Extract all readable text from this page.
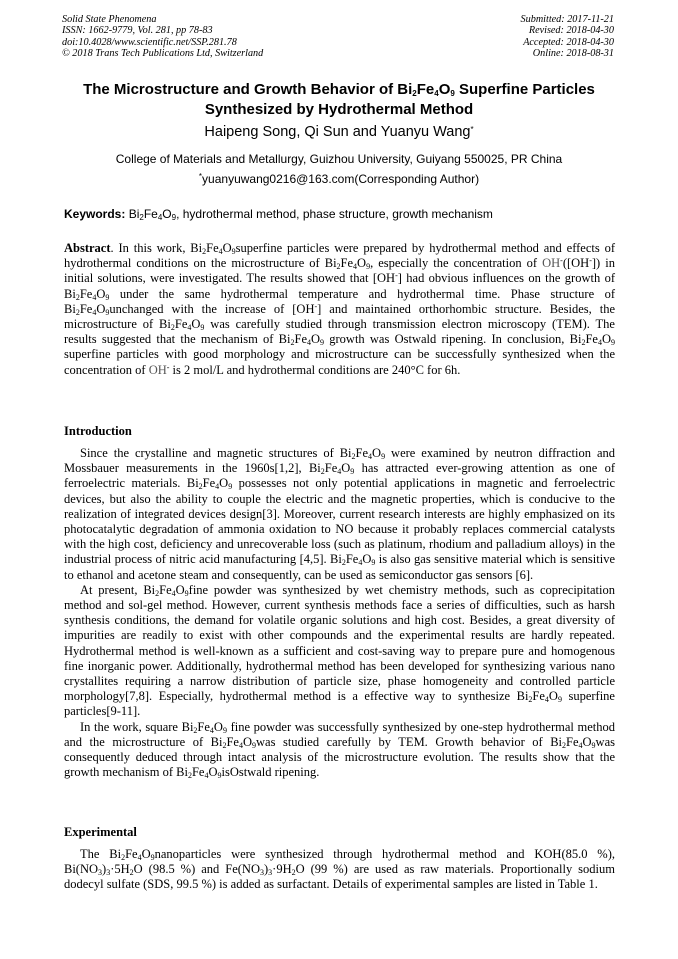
Solid State Phenomena
ISSN: 1662-9779, Vol. 281, pp 78-83
doi:10.4028/www.scientific.net/SSP.281.78
© 2018 Trans Tech Publications Ltd, Switzerland
Submitted: 2017-11-21
Revised: 2018-04-30
Accepted: 2018-04-30
Online: 2018-08-31
The Microstructure and Growth Behavior of $Bi_2Fe_4O_9$ Superfine Particles
Synthesized by Hydrothermal Method
Haipeng Song, Qi Sun and Yuanyu Wang*
College of Materials and Metallurgy, Guizhou University, Guiyang 550025, PR China
*yuanyuwang0216@163.com(Corresponding Author)
Keywords: $Bi_2Fe_4O_9$, hydrothermal method, phase structure, growth mechanism
Abstract. In this work, $Bi_2Fe_4O_9superfine$ particles were prepared by hydrothermal method and effects of hydrothermal conditions on the microstructure of $Bi_2Fe_4O_9$, especially the concentration of OH-([OH-]) in initial solutions, were investigated. The results showed that [OH-] had obvious influences on the growth of $Bi_2Fe_4O_9$ under the same hydrothermal temperature and hydrothermal time. Phase structure of $Bi_2Fe_4O_9unchanged$ with the increase of [OH-] and maintained orthorhombic structure. Besides, the microstructure of $Bi_2Fe_4O_9$ was carefully studied through transmission electron microscopy (TEM). The results suggested that the mechanism of $Bi_2Fe_4O_9$ growth was Ostwald ripening. In conclusion, $Bi_2Fe_4O_9$ superfine particles with good morphology and microstructure can be successfully synthesized when the concentration of OH- is 2 mol/L and hydrothermal conditions are 240°C for 6h.
Introduction

Since the crystalline and magnetic structures of $Bi_2Fe_4O_9$ were examined by neutron diffraction and Mossbauer measurements in the 1960s[1,2], $Bi_2Fe_4O_9$ has attracted ever-growing attention as one of ferroelectric materials. $Bi_2Fe_4O_9$ possesses not only potential applications in magnetic and ferroelectric devices, but also the ability to couple the electric and the magnetic properties, which is conducive to the realization of integrated devices design[3]. Moreover, current research interests are highly emphasized on its photocatalytic degradation of ammonia oxidation to NO because it probably replaces commercial catalysts with the high cost, deficiency and unrecoverable loss (such as platinum, rhodium and palladium alloys) in the industrial process of nitric acid manufacturing [4,5]. $Bi_2Fe_4O_9$ is also gas sensitive material which is sensitive to ethanol and acetone steam and consequently, can be used as semiconductor gas sensors [6].

At present, $Bi_2Fe_4O_9fine$ powder was synthesized by wet chemistry methods, such as coprecipitation method and sol-gel method. However, current synthesis methods face a series of difficulties, such as harsh synthesis conditions, the demand for volatile organic solutions and high cost. Besides, a great diversity of impurities are readily to exist with other compounds and the experimental results are hardly repeated. Hydrothermal method is well-known as a sufficient and cost-saving way to prepare pure and homogenous fine inorganic power. Additionally, hydrothermal method has been developed for synthesizing various nano crystallites requiring a narrow distribution of particle size, phase homogeneity and controlled particle morphology[7,8]. Especially, hydrothermal method is a effective way to synthesize $Bi_2Fe_4O_9$ superfine particles[9-11].

In the work, square $Bi_2Fe_4O_9$ fine powder was successfully synthesized by one-step hydrothermal method and the microstructure of $Bi_2Fe_4O_9was$ studied carefully by TEM. Growth behavior of $Bi_2Fe_4O_9was$ consequently deduced through intact analysis of the microstructure evolution. The results show that the growth mechanism of $Bi_2Fe_4O_9isOstwald$ ripening.

Experimental

The $Bi_2Fe_4O_9nanoparticles$ were synthesized through hydrothermal method and KOH(85.0 %), $Bi(NO_3)_3\cdot 5H_2O$ (98.5 %) and $Fe(NO_3)_3\cdot 9H_2O$ (99 %) are used as raw materials. Proportionally sodium dodecyl sulfate (SDS, 99.5 %) is added as surfactant. Details of experimental samples are listed in Table 1.
